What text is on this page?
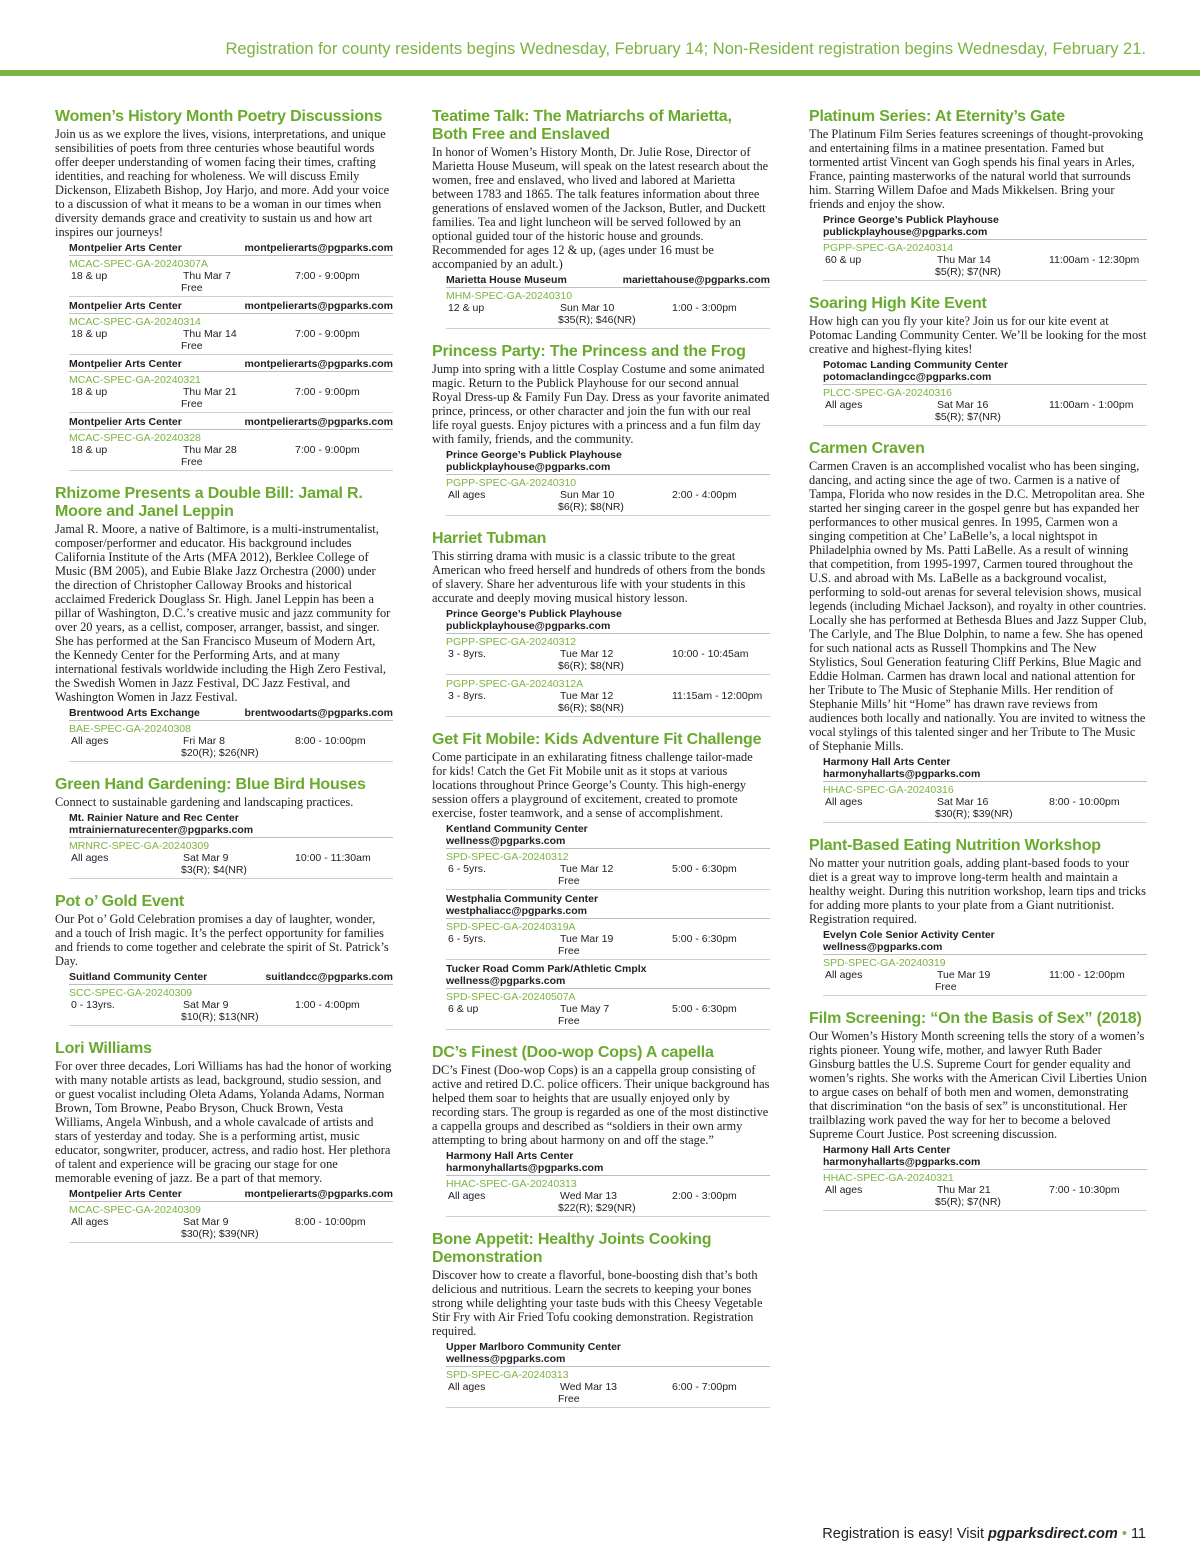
Registration for county residents begins Wednesday, February 14; Non-Resident registration begins Wednesday, February 21.
Women’s History Month Poetry Discussions
Join us as we explore the lives, visions, interpretations, and unique sensibilities of poets from three centuries whose beautiful words offer deeper understanding of women facing their times, crafting identities, and reaching for wholeness. We will discuss Emily Dickenson, Elizabeth Bishop, Joy Harjo, and more. Add your voice to a discussion of what it means to be a woman in our times when diversity demands grace and creativity to sustain us and how art inspires our journeys!
Montpelier Arts Center	montpelierarts@pgparks.com
MCAC-SPEC-GA-20240307A
18 & up	Thu Mar 7	7:00 - 9:00pm
Free
Montpelier Arts Center	montpelierarts@pgparks.com
MCAC-SPEC-GA-20240314
18 & up	Thu Mar 14	7:00 - 9:00pm
Free
Montpelier Arts Center	montpelierarts@pgparks.com
MCAC-SPEC-GA-20240321
18 & up	Thu Mar 21	7:00 - 9:00pm
Free
Montpelier Arts Center	montpelierarts@pgparks.com
MCAC-SPEC-GA-20240328
18 & up	Thu Mar 28	7:00 - 9:00pm
Free
Rhizome Presents a Double Bill: Jamal R. Moore and Janel Leppin
Jamal R. Moore, a native of Baltimore, is a multi-instrumentalist, composer/performer and educator. His background includes California Institute of the Arts (MFA 2012), Berklee College of Music (BM 2005), and Eubie Blake Jazz Orchestra (2000) under the direction of Christopher Calloway Brooks and historical acclaimed Frederick Douglass Sr. High. Janel Leppin has been a pillar of Washington, D.C.’s creative music and jazz community for over 20 years, as a cellist, composer, arranger, bassist, and singer. She has performed at the San Francisco Museum of Modern Art, the Kennedy Center for the Performing Arts, and at many international festivals worldwide including the High Zero Festival, the Swedish Women in Jazz Festival, DC Jazz Festival, and Washington Women in Jazz Festival.
Brentwood Arts Exchange	brentwoodarts@pgparks.com
BAE-SPEC-GA-20240308
All ages	Fri Mar 8	8:00 - 10:00pm
$20(R); $26(NR)
Green Hand Gardening: Blue Bird Houses
Connect to sustainable gardening and landscaping practices.
Mt. Rainier Nature and Rec Center
mtrainiernaturecenter@pgparks.com
MRNRC-SPEC-GA-20240309
All ages	Sat Mar 9	10:00 - 11:30am
$3(R); $4(NR)
Pot o’ Gold Event
Our Pot o’ Gold Celebration promises a day of laughter, wonder, and a touch of Irish magic. It’s the perfect opportunity for families and friends to come together and celebrate the spirit of St. Patrick’s Day.
Suitland Community Center	suitlandcc@pgparks.com
SCC-SPEC-GA-20240309
0 - 13yrs.	Sat Mar 9	1:00 - 4:00pm
$10(R); $13(NR)
Lori Williams
For over three decades, Lori Williams has had the honor of working with many notable artists as lead, background, studio session, and or guest vocalist including Oleta Adams, Yolanda Adams, Norman Brown, Tom Browne, Peabo Bryson, Chuck Brown, Vesta Williams, Angela Winbush, and a whole cavalcade of artists and stars of yesterday and today. She is a performing artist, music educator, songwriter, producer, actress, and radio host. Her plethora of talent and experience will be gracing our stage for one memorable evening of jazz. Be a part of that memory.
Montpelier Arts Center	montpelierarts@pgparks.com
MCAC-SPEC-GA-20240309
All ages	Sat Mar 9	8:00 - 10:00pm
$30(R); $39(NR)
Teatime Talk: The Matriarchs of Marietta, Both Free and Enslaved
In honor of Women’s History Month, Dr. Julie Rose, Director of Marietta House Museum, will speak on the latest research about the women, free and enslaved, who lived and labored at Marietta between 1783 and 1865. The talk features information about three generations of enslaved women of the Jackson, Butler, and Duckett families. Tea and light luncheon will be served followed by an optional guided tour of the historic house and grounds. Recommended for ages 12 & up, (ages under 16 must be accompanied by an adult.)
Marietta House Museum	mariettahouse@pgparks.com
MHM-SPEC-GA-20240310
12 & up	Sun Mar 10	1:00 - 3:00pm
$35(R); $46(NR)
Princess Party: The Princess and the Frog
Jump into spring with a little Cosplay Costume and some animated magic. Return to the Publick Playhouse for our second annual Royal Dress-up & Family Fun Day. Dress as your favorite animated prince, princess, or other character and join the fun with our real life royal guests. Enjoy pictures with a princess and a fun film day with family, friends, and the community.
Prince George’s Publick Playhouse
publickplayhouse@pgparks.com
PGPP-SPEC-GA-20240310
All ages	Sun Mar 10	2:00 - 4:00pm
$6(R); $8(NR)
Harriet Tubman
This stirring drama with music is a classic tribute to the great American who freed herself and hundreds of others from the bonds of slavery. Share her adventurous life with your students in this accurate and deeply moving musical history lesson.
Prince George’s Publick Playhouse
publickplayhouse@pgparks.com
PGPP-SPEC-GA-20240312
3 - 8yrs.	Tue Mar 12	10:00 - 10:45am
$6(R); $8(NR)
PGPP-SPEC-GA-20240312A
3 - 8yrs.	Tue Mar 12	11:15am - 12:00pm
$6(R); $8(NR)
Get Fit Mobile: Kids Adventure Fit Challenge
Come participate in an exhilarating fitness challenge tailor-made for kids! Catch the Get Fit Mobile unit as it stops at various locations throughout Prince George’s County. This high-energy session offers a playground of excitement, created to promote exercise, foster teamwork, and a sense of accomplishment.
Kentland Community Center
wellness@pgparks.com
SPD-SPEC-GA-20240312
6 - 5yrs.	Tue Mar 12	5:00 - 6:30pm
Free
Westphalia Community Center
westphaliacc@pgparks.com
SPD-SPEC-GA-20240319A
6 - 5yrs.	Tue Mar 19	5:00 - 6:30pm
Free
Tucker Road Comm Park/Athletic Cmplx
wellness@pgparks.com
SPD-SPEC-GA-20240507A
6 & up	Tue May 7	5:00 - 6:30pm
Free
DC’s Finest (Doo-wop Cops) A capella
DC’s Finest (Doo-wop Cops) is an a cappella group consisting of active and retired D.C. police officers. Their unique background has helped them soar to heights that are usually enjoyed only by recording stars. The group is regarded as one of the most distinctive a cappella groups and described as “soldiers in their own army attempting to bring about harmony on and off the stage.”
Harmony Hall Arts Center
harmonyhallarts@pgparks.com
HHAC-SPEC-GA-20240313
All ages	Wed Mar 13	2:00 - 3:00pm
$22(R); $29(NR)
Bone Appetit: Healthy Joints Cooking Demonstration
Discover how to create a flavorful, bone-boosting dish that’s both delicious and nutritious. Learn the secrets to keeping your bones strong while delighting your taste buds with this Cheesy Vegetable Stir Fry with Air Fried Tofu cooking demonstration. Registration required.
Upper Marlboro Community Center
wellness@pgparks.com
SPD-SPEC-GA-20240313
All ages	Wed Mar 13	6:00 - 7:00pm
Free
Platinum Series: At Eternity’s Gate
The Platinum Film Series features screenings of thought-provoking and entertaining films in a matinee presentation. Famed but tormented artist Vincent van Gogh spends his final years in Arles, France, painting masterworks of the natural world that surrounds him. Starring Willem Dafoe and Mads Mikkelsen. Bring your friends and enjoy the show.
Prince George’s Publick Playhouse
publickplayhouse@pgparks.com
PGPP-SPEC-GA-20240314
60 & up	Thu Mar 14	11:00am - 12:30pm
$5(R); $7(NR)
Soaring High Kite Event
How high can you fly your kite? Join us for our kite event at Potomac Landing Community Center. We’ll be looking for the most creative and highest-flying kites!
Potomac Landing Community Center
potomaclandingcc@pgparks.com
PLCC-SPEC-GA-20240316
All ages	Sat Mar 16	11:00am - 1:00pm
$5(R); $7(NR)
Carmen Craven
Carmen Craven is an accomplished vocalist who has been singing, dancing, and acting since the age of two. Carmen is a native of Tampa, Florida who now resides in the D.C. Metropolitan area. She started her singing career in the gospel genre but has expanded her performances to other musical genres. In 1995, Carmen won a singing competition at Che’ LaBelle’s, a local nightspot in Philadelphia owned by Ms. Patti LaBelle. As a result of winning that competition, from 1995-1997, Carmen toured throughout the U.S. and abroad with Ms. LaBelle as a background vocalist, performing to sold-out arenas for several television shows, musical legends (including Michael Jackson), and royalty in other countries. Locally she has performed at Bethesda Blues and Jazz Supper Club, The Carlyle, and The Blue Dolphin, to name a few. She has opened for such national acts as Russell Thompkins and The New Stylistics, Soul Generation featuring Cliff Perkins, Blue Magic and Eddie Holman. Carmen has drawn local and national attention for her Tribute to The Music of Stephanie Mills. Her rendition of Stephanie Mills’ hit “Home” has drawn rave reviews from audiences both locally and nationally. You are invited to witness the vocal stylings of this talented singer and her Tribute to The Music of Stephanie Mills.
Harmony Hall Arts Center
harmonyhallarts@pgparks.com
HHAC-SPEC-GA-20240316
All ages	Sat Mar 16	8:00 - 10:00pm
$30(R); $39(NR)
Plant-Based Eating Nutrition Workshop
No matter your nutrition goals, adding plant-based foods to your diet is a great way to improve long-term health and maintain a healthy weight. During this nutrition workshop, learn tips and tricks for adding more plants to your plate from a Giant nutritionist. Registration required.
Evelyn Cole Senior Activity Center
wellness@pgparks.com
SPD-SPEC-GA-20240319
All ages	Tue Mar 19	11:00 - 12:00pm
Free
Film Screening: “On the Basis of Sex” (2018)
Our Women’s History Month screening tells the story of a women’s rights pioneer. Young wife, mother, and lawyer Ruth Bader Ginsburg battles the U.S. Supreme Court for gender equality and women’s rights. She works with the American Civil Liberties Union to argue cases on behalf of both men and women, demonstrating that discrimination “on the basis of sex” is unconstitutional. Her trailblazing work paved the way for her to become a beloved Supreme Court Justice. Post screening discussion.
Harmony Hall Arts Center
harmonyhallarts@pgparks.com
HHAC-SPEC-GA-20240321
All ages	Thu Mar 21	7:00 - 10:30pm
$5(R); $7(NR)
Registration is easy! Visit pgparksdirect.com • 11
